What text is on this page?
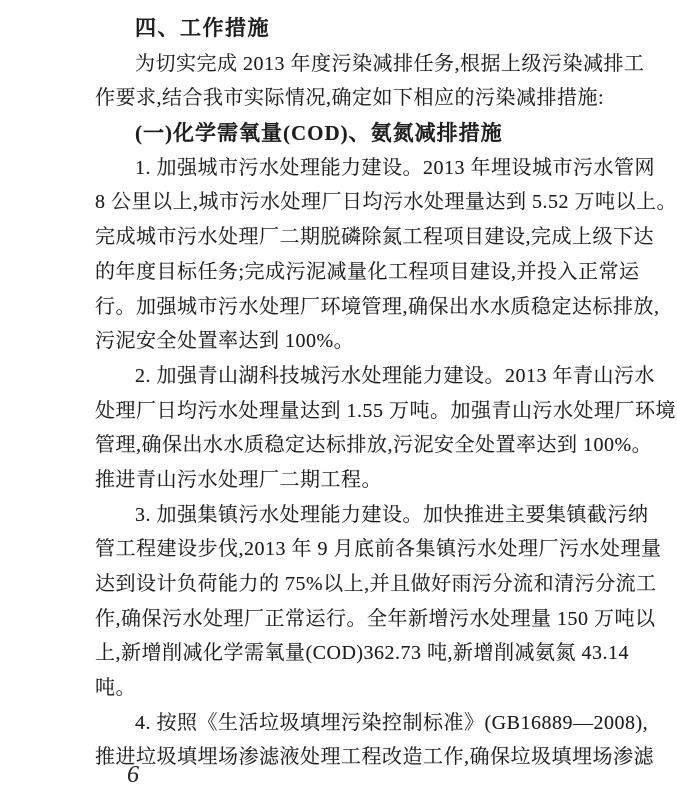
四、工作措施
为切实完成 2013 年度污染减排任务,根据上级污染减排工
作要求,结合我市实际情况,确定如下相应的污染减排措施:
(一)化学需氧量(COD)、氨氮减排措施
1. 加强城市污水处理能力建设。2013 年埋设城市污水管网
8 公里以上,城市污水处理厂日均污水处理量达到 5.52 万吨以上。
完成城市污水处理厂二期脱磷除氮工程项目建设,完成上级下达
的年度目标任务;完成污泥减量化工程项目建设,并投入正常运
行。加强城市污水处理厂环境管理,确保出水水质稳定达标排放,
污泥安全处置率达到 100%。
2. 加强青山湖科技城污水处理能力建设。2013 年青山污水
处理厂日均污水处理量达到 1.55 万吨。加强青山污水处理厂环境
管理,确保出水水质稳定达标排放,污泥安全处置率达到 100%。
推进青山污水处理厂二期工程。
3. 加强集镇污水处理能力建设。加快推进主要集镇截污纳
管工程建设步伐,2013 年 9 月底前各集镇污水处理厂污水处理量
达到设计负荷能力的 75%以上,并且做好雨污分流和清污分流工
作,确保污水处理厂正常运行。全年新增污水处理量 150 万吨以
上,新增削减化学需氧量(COD)362.73 吨,新增削减氨氮 43.14
吨。
4. 按照《生活垃圾填埋污染控制标准》(GB16889—2008),
推进垃圾填埋场渗滤液处理工程改造工作,确保垃圾填埋场渗滤
6
